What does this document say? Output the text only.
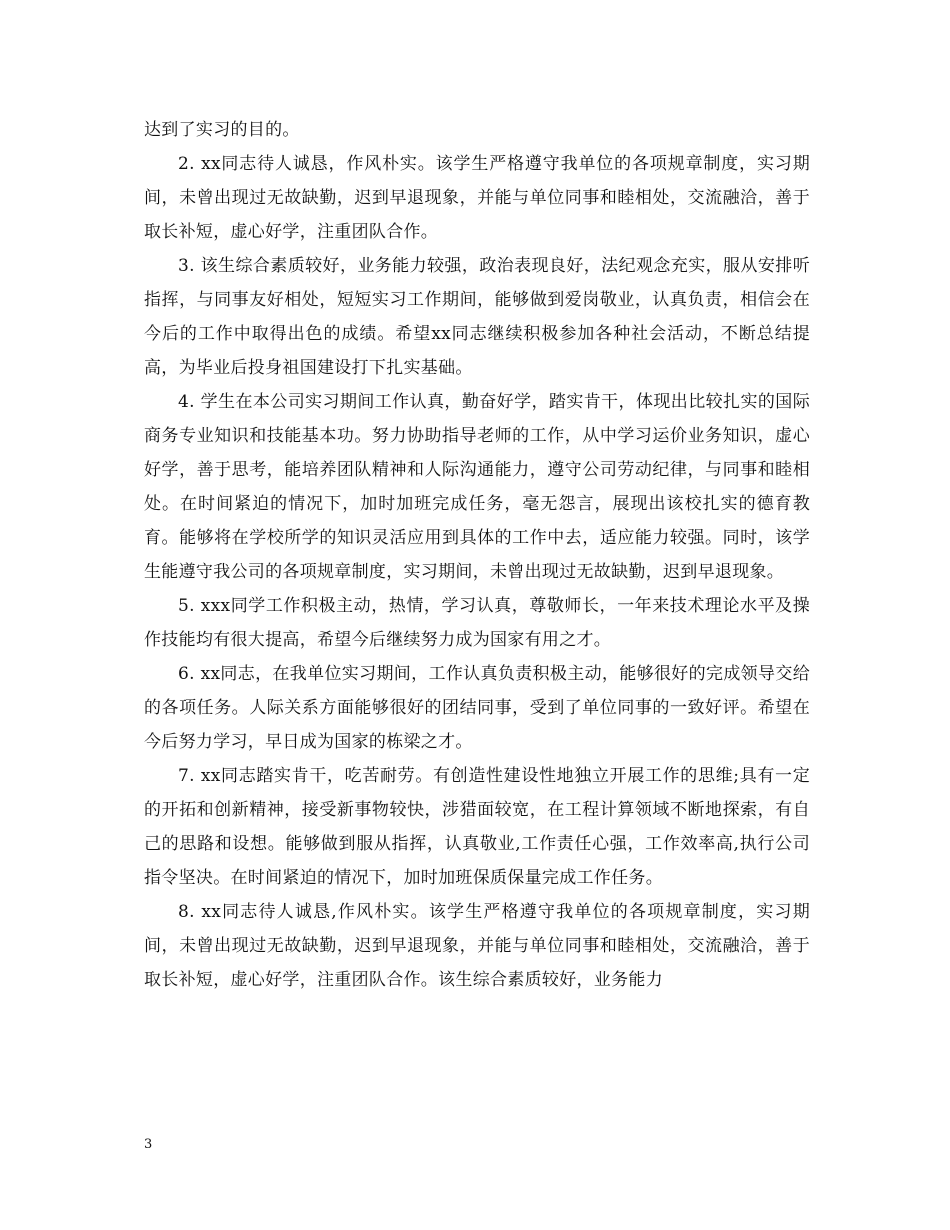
达到了实习的目的。

2. xx同志待人诚恳，作风朴实。该学生严格遵守我单位的各项规章制度，实习期间，未曾出现过无故缺勤，迟到早退现象，并能与单位同事和睦相处，交流融洽，善于取长补短，虚心好学，注重团队合作。

3. 该生综合素质较好，业务能力较强，政治表现良好，法纪观念充实，服从安排听指挥，与同事友好相处，短短实习工作期间，能够做到爱岗敬业，认真负责，相信会在今后的工作中取得出色的成绩。希望xx同志继续积极参加各种社会活动，不断总结提高，为毕业后投身祖国建设打下扎实基础。

4. 学生在本公司实习期间工作认真，勤奋好学，踏实肯干，体现出比较扎实的国际商务专业知识和技能基本功。努力协助指导老师的工作，从中学习运价业务知识，虚心好学，善于思考，能培养团队精神和人际沟通能力，遵守公司劳动纪律，与同事和睦相处。在时间紧迫的情况下，加时加班完成任务，毫无怨言，展现出该校扎实的德育教育。能够将在学校所学的知识灵活应用到具体的工作中去，适应能力较强。同时，该学生能遵守我公司的各项规章制度，实习期间，未曾出现过无故缺勤，迟到早退现象。

5. xxx同学工作积极主动，热情，学习认真，尊敬师长，一年来技术理论水平及操作技能均有很大提高，希望今后继续努力成为国家有用之才。

6. xx同志，在我单位实习期间，工作认真负责积极主动，能够很好的完成领导交给的各项任务。人际关系方面能够很好的团结同事，受到了单位同事的一致好评。希望在今后努力学习，早日成为国家的栋梁之才。

7. xx同志踏实肯干，吃苦耐劳。有创造性建设性地独立开展工作的思维;具有一定的开拓和创新精神，接受新事物较快，涉猎面较宽，在工程计算领域不断地探索，有自己的思路和设想。能够做到服从指挥，认真敬业,工作责任心强，工作效率高,执行公司指令坚决。在时间紧迫的情况下，加时加班保质保量完成工作任务。

8. xx同志待人诚恳,作风朴实。该学生严格遵守我单位的各项规章制度，实习期间，未曾出现过无故缺勤，迟到早退现象，并能与单位同事和睦相处，交流融洽，善于取长补短，虚心好学，注重团队合作。该生综合素质较好，业务能力

3
